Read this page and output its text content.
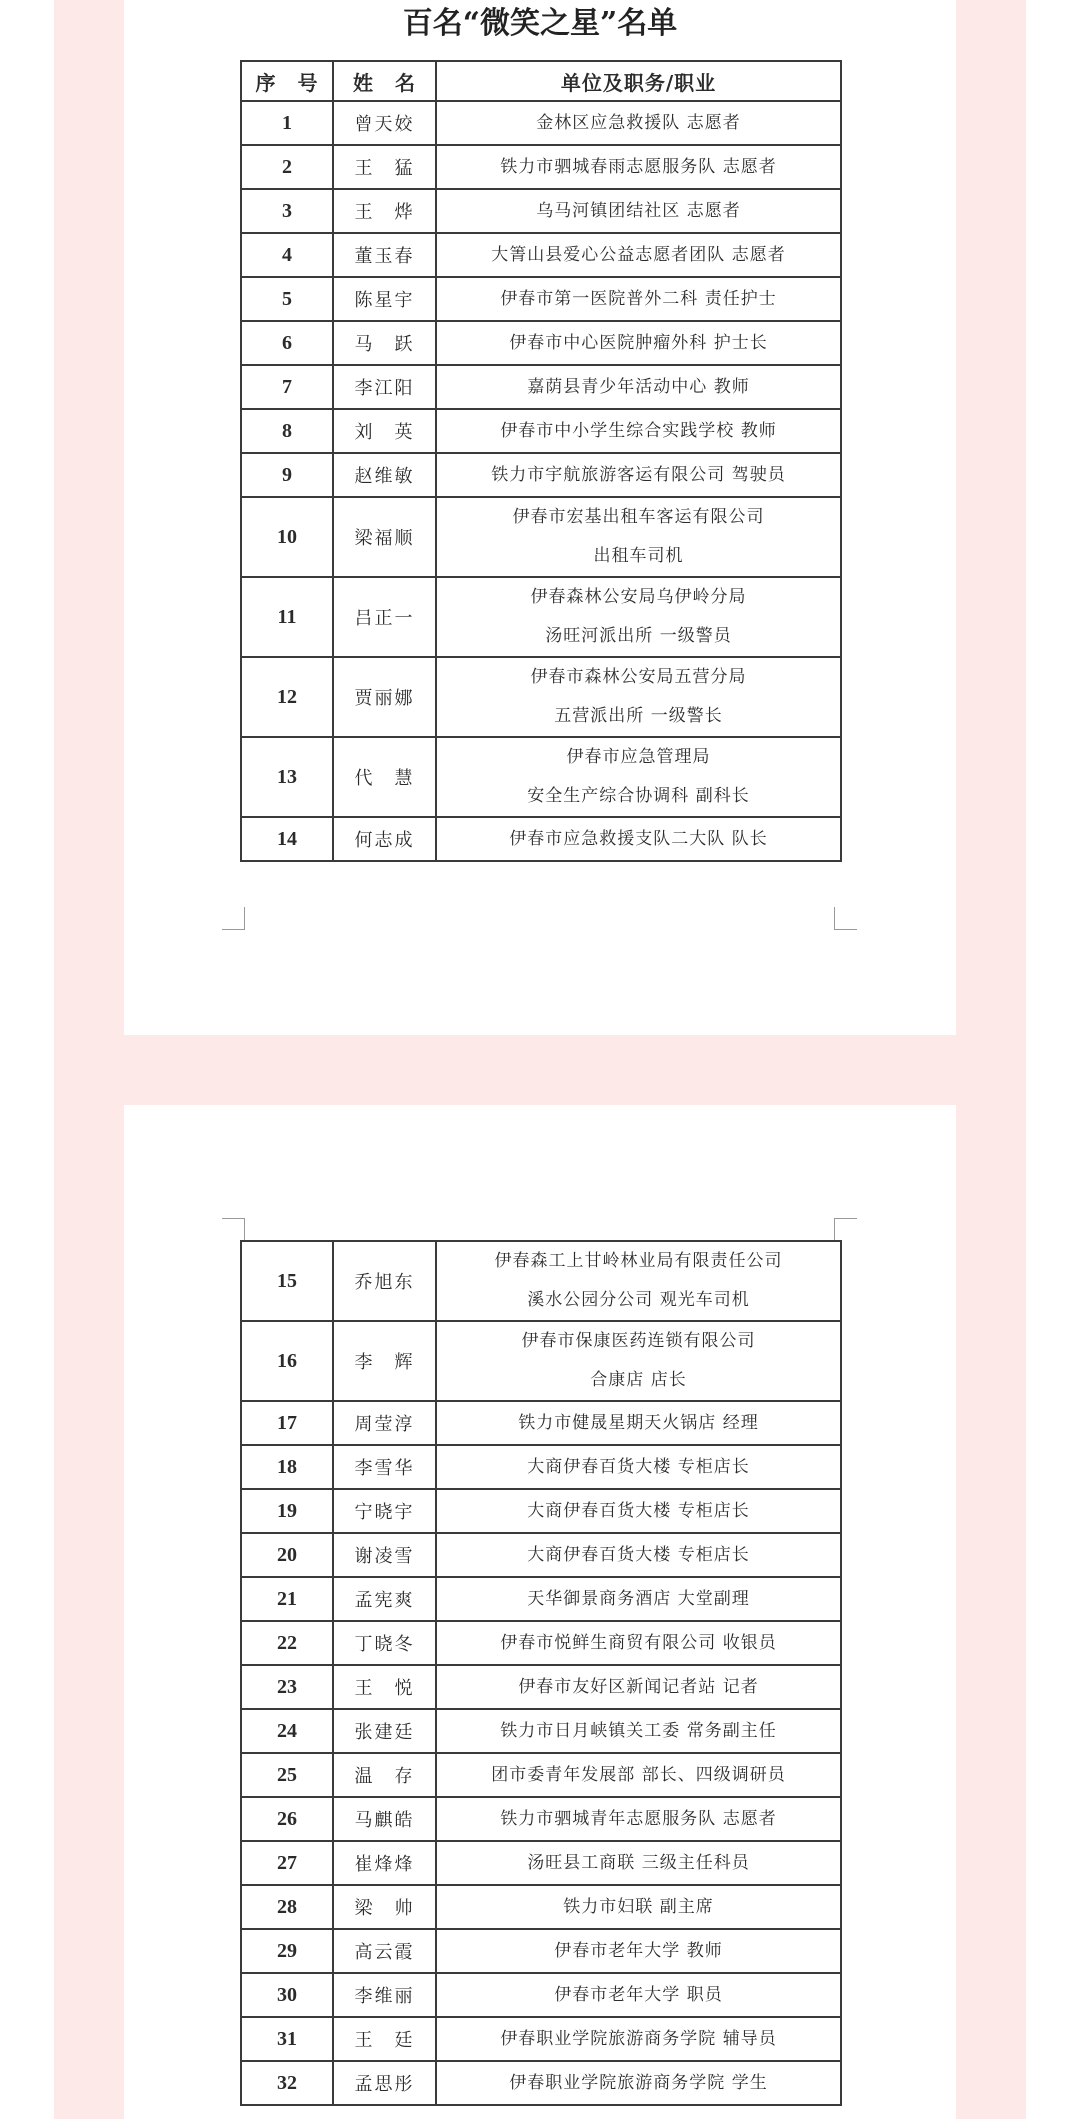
百名“微笑之星”名单
序　号	姓　名	单位及职务/职业
1	曾天姣	金林区应急救援队 志愿者

2	王　猛	铁力市驷城春雨志愿服务队 志愿者

3	王　烨	乌马河镇团结社区 志愿者

4	董玉春	大箐山县爱心公益志愿者团队 志愿者

5	陈星宇	伊春市第一医院普外二科 责任护士

6	马　跃	伊春市中心医院肿瘤外科 护士长

7	李江阳	嘉荫县青少年活动中心 教师

8	刘　英	伊春市中小学生综合实践学校 教师

9	赵维敏	铁力市宇航旅游客运有限公司 驾驶员

10	梁福顺	伊春市宏基出租车客运有限公司
出租车司机

11	吕正一	伊春森林公安局乌伊岭分局
汤旺河派出所 一级警员

12	贾丽娜	伊春市森林公安局五营分局
五营派出所 一级警长

13	代　慧	伊春市应急管理局
安全生产综合协调科 副科长

14	何志成	伊春市应急救援支队二大队 队长
15	乔旭东	伊春森工上甘岭林业局有限责任公司
溪水公园分公司 观光车司机

16	李　辉	伊春市保康医药连锁有限公司
合康店 店长

17	周莹淳	铁力市健晟星期天火锅店 经理

18	李雪华	大商伊春百货大楼 专柜店长

19	宁晓宇	大商伊春百货大楼 专柜店长

20	谢凌雪	大商伊春百货大楼 专柜店长

21	孟宪爽	天华御景商务酒店 大堂副理

22	丁晓冬	伊春市悦鲜生商贸有限公司 收银员

23	王　悦	伊春市友好区新闻记者站 记者

24	张建廷	铁力市日月峡镇关工委 常务副主任

25	温　存	团市委青年发展部 部长、四级调研员

26	马麒皓	铁力市驷城青年志愿服务队 志愿者

27	崔烽烽	汤旺县工商联 三级主任科员

28	梁　帅	铁力市妇联 副主席

29	高云霞	伊春市老年大学 教师

30	李维丽	伊春市老年大学 职员

31	王　廷	伊春职业学院旅游商务学院 辅导员

32	孟思彤	伊春职业学院旅游商务学院 学生
